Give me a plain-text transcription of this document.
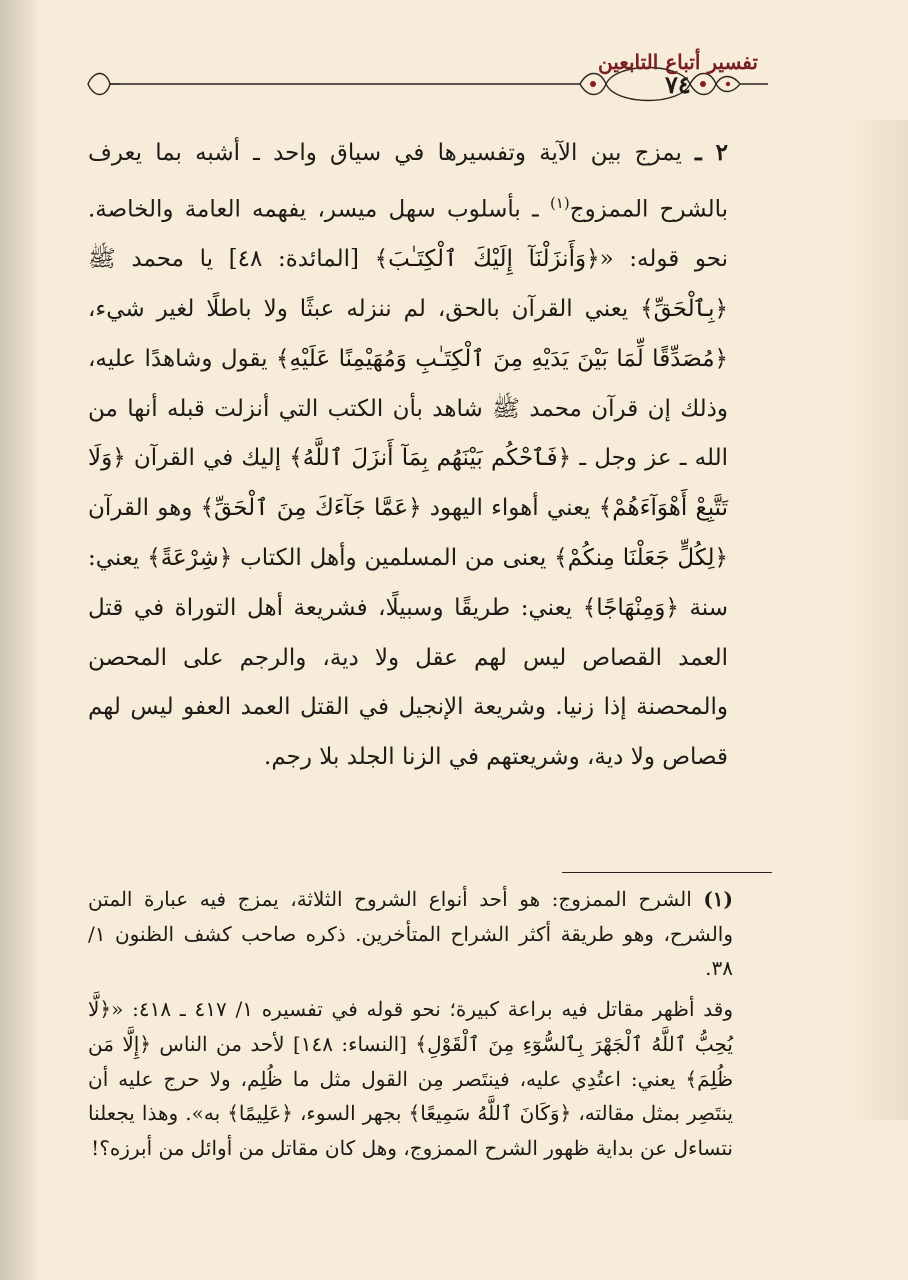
تفسير أتباع التابعين
٧٤

٢ ـ يمزج بين الآية وتفسيرها في سياق واحد ـ أشبه بما يعرف بالشرح الممزوج$^{(١)}$ ـ بأسلوب سهل ميسر، يفهمه العامة والخاصة. نحو قوله: «﴿وَأَنزَلْنَآ إِلَيْكَ ٱلْكِتَـٰبَ﴾ [المائدة: ٤٨] يا محمد ﷺ ﴿بِٱلْحَقِّ﴾ يعني القرآن بالحق، لم ننزله عبثًا ولا باطلًا لغير شيء، ﴿مُصَدِّقًا لِّمَا بَيْنَ يَدَيْهِ مِنَ ٱلْكِتَـٰبِ وَمُهَيْمِنًا عَلَيْهِ﴾ يقول وشاهدًا عليه، وذلك إن قرآن محمد ﷺ شاهد بأن الكتب التي أنزلت قبله أنها من الله ـ عز وجل ـ ﴿فَٱحْكُم بَيْنَهُم بِمَآ أَنزَلَ ٱللَّهُ﴾ إليك في القرآن ﴿وَلَا تَتَّبِعْ أَهْوَآءَهُمْ﴾ يعني أهواء اليهود ﴿عَمَّا جَآءَكَ مِنَ ٱلْحَقِّ﴾ وهو القرآن ﴿لِكُلٍّ جَعَلْنَا مِنكُمْ﴾ يعنى من المسلمين وأهل الكتاب ﴿شِرْعَةً﴾ يعني: سنة ﴿وَمِنْهَاجًا﴾ يعني: طريقًا وسبيلًا، فشريعة أهل التوراة في قتل العمد القصاص ليس لهم عقل ولا دية، والرجم على المحصن والمحصنة إذا زنيا. وشريعة الإنجيل في القتل العمد العفو ليس لهم قصاص ولا دية، وشريعتهم في الزنا الجلد بلا رجم.

(١) الشرح الممزوج: هو أحد أنواع الشروح الثلاثة، يمزج فيه عبارة المتن والشرح، وهو طريقة أكثر الشراح المتأخرين. ذكره صاحب كشف الظنون ١/ ٣٨.

وقد أظهر مقاتل فيه براعة كبيرة؛ نحو قوله في تفسيره ١/ ٤١٧ ـ ٤١٨: «﴿لَّا يُحِبُّ ٱللَّهُ ٱلْجَهْرَ بِٱلسُّوٓءِ مِنَ ٱلْقَوْلِ﴾ [النساء: ١٤٨] لأحد من الناس ﴿إِلَّا مَن ظُلِمَ﴾ يعني: اعتُدِي عليه، فينتَصر مِن القول مثل ما ظُلِم، ولا حرج عليه أن ينتَصِر بمثل مقالته، ﴿وَكَانَ ٱللَّهُ سَمِيعًا﴾ بجهر السوء، ﴿عَلِيمًا﴾ به». وهذا يجعلنا نتساءل عن بداية ظهور الشرح الممزوج، وهل كان مقاتل من أوائل من أبرزه؟!
